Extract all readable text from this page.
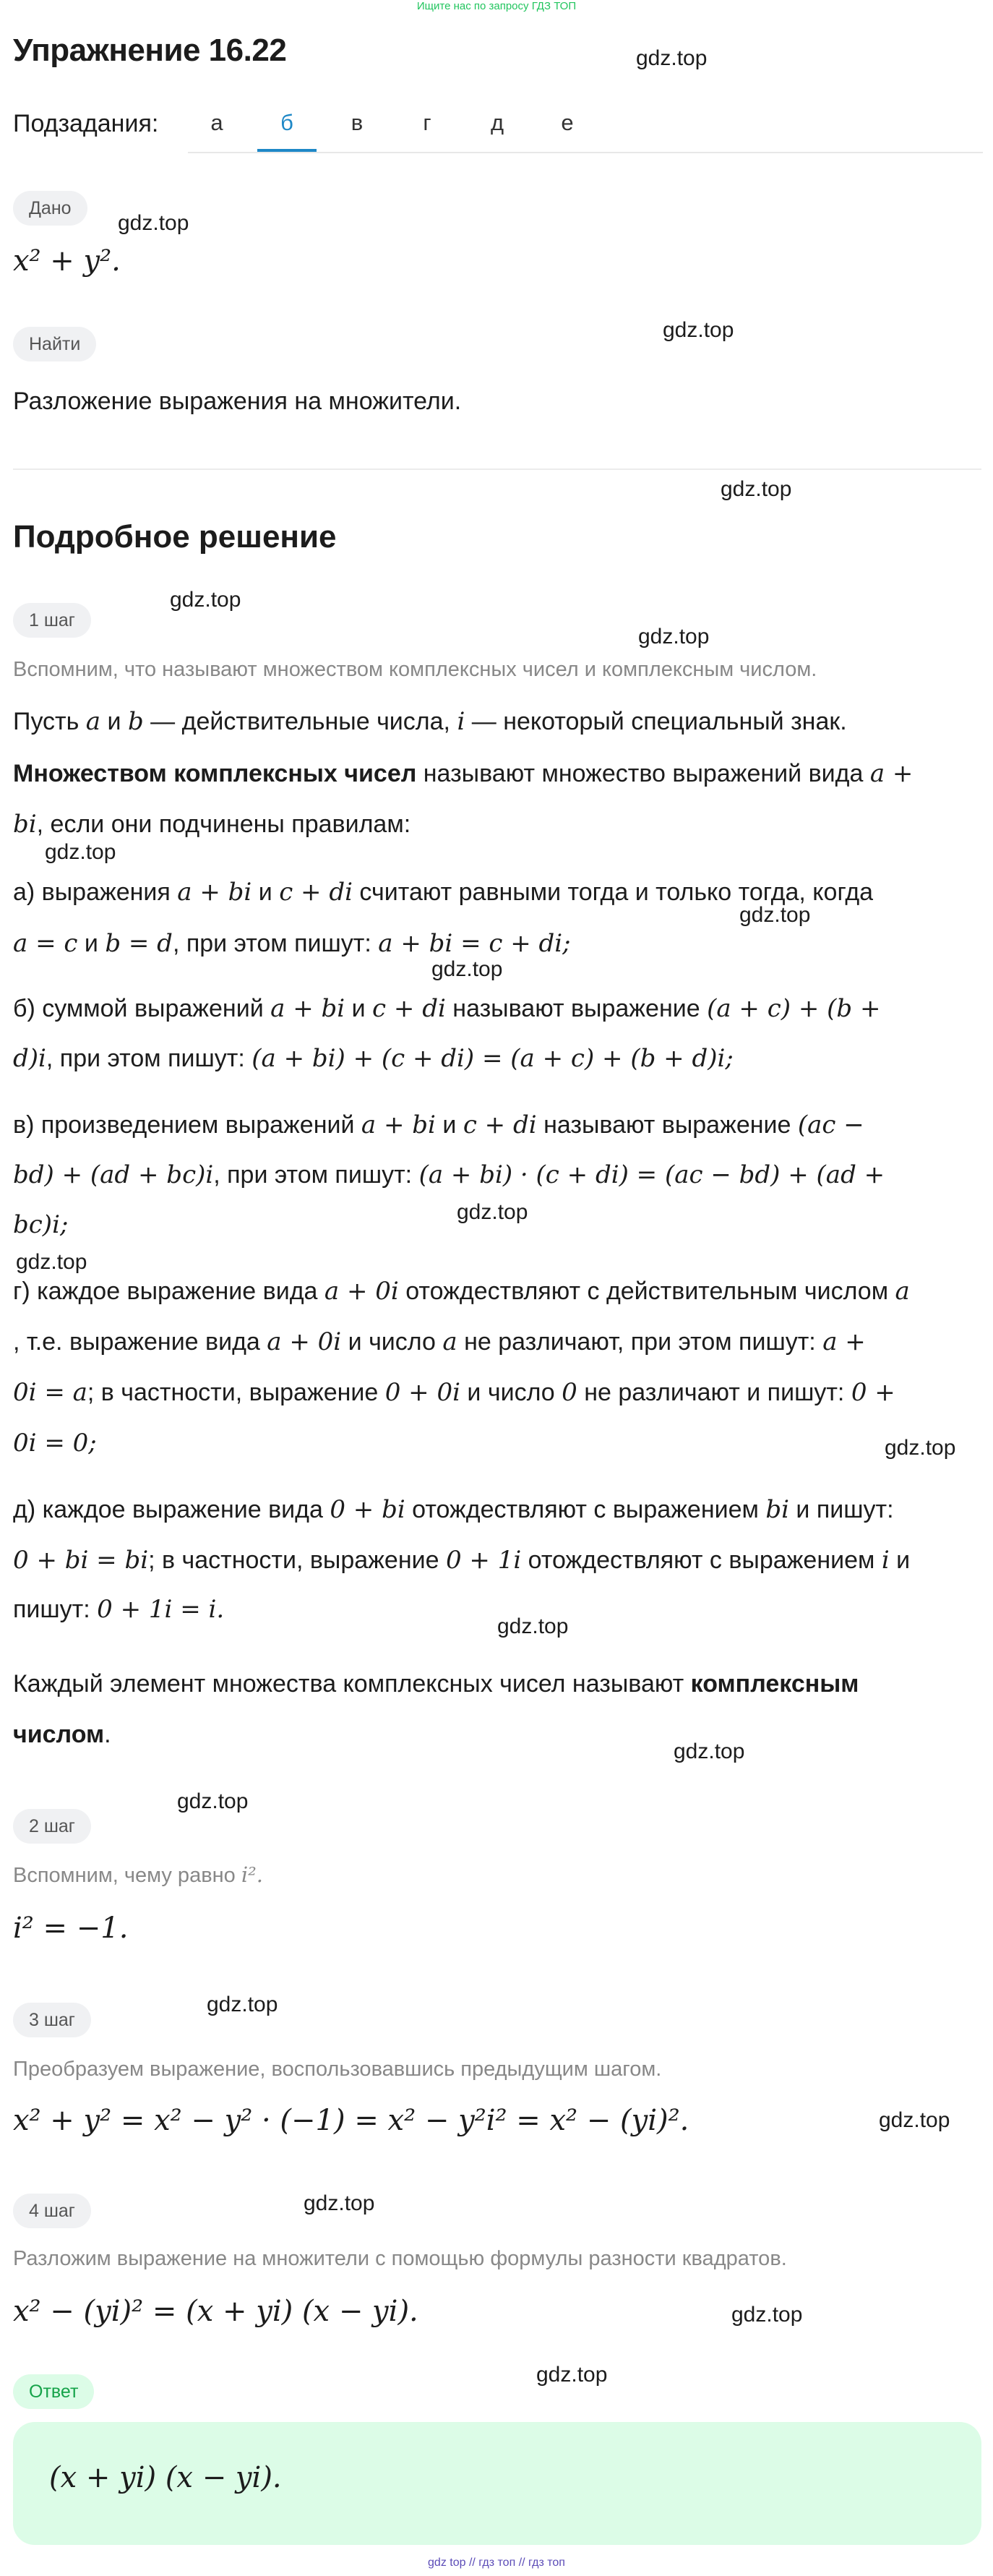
Ищите нас по запросу ГДЗ ТОП
Упражнение 16.22	gdz.top
gdz.top
gdz.top
gdz.top
gdz.top
gdz.top
gdz.top
gdz.top
gdz.top
gdz.top
gdz.top
gdz.top
gdz.top
gdz.top
gdz.top
gdz.top
gdz.top
gdz.top
gdz.top
gdz.top
Подзадания:	а	б	в	г	д	е
Дано
x² + y².
Найти
Разложение выражения на множители.
Подробное решение
1 шаг
Вспомним, что называют множеством комплексных чисел и комплексным числом.
Пусть a и b — действительные числа, i — некоторый специальный знак.
Множеством комплексных чисел называют множество выражений вида a +
bi, если они подчинены правилам:
а) выражения a + bi и c + di считают равными тогда и только тогда, когда
a = c и b = d, при этом пишут: a + bi = c + di;
б) суммой выражений a + bi и c + di называют выражение (a + c) + (b +
d)i, при этом пишут: (a + bi) + (c + di) = (a + c) + (b + d)i;
в) произведением выражений a + bi и c + di называют выражение (ac −
bd) + (ad + bc)i, при этом пишут: (a + bi) · (c + di) = (ac − bd) + (ad +
bc)i;
г) каждое выражение вида a + 0i отождествляют с действительным числом a
, т.е. выражение вида a + 0i и число a не различают, при этом пишут: a +
0i = a; в частности, выражение 0 + 0i и число 0 не различают и пишут: 0 +
0i = 0;
д) каждое выражение вида 0 + bi отождествляют с выражением bi и пишут:
0 + bi = bi; в частности, выражение 0 + 1i отождествляют с выражением i и
пишут: 0 + 1i = i.
Каждый элемент множества комплексных чисел называют комплексным
числом.
2 шаг
Вспомним, чему равно i².
i² = −1.
3 шаг
Преобразуем выражение, воспользовавшись предыдущим шагом.
x² + y² = x² − y² · (−1) = x² − y²i² = x² − (yi)².
4 шаг
Разложим выражение на множители с помощью формулы разности квадратов.
x² − (yi)² = (x + yi) (x − yi).
Ответ
(x + yi) (x − yi).
gdz top // гдз топ // гдз топ
